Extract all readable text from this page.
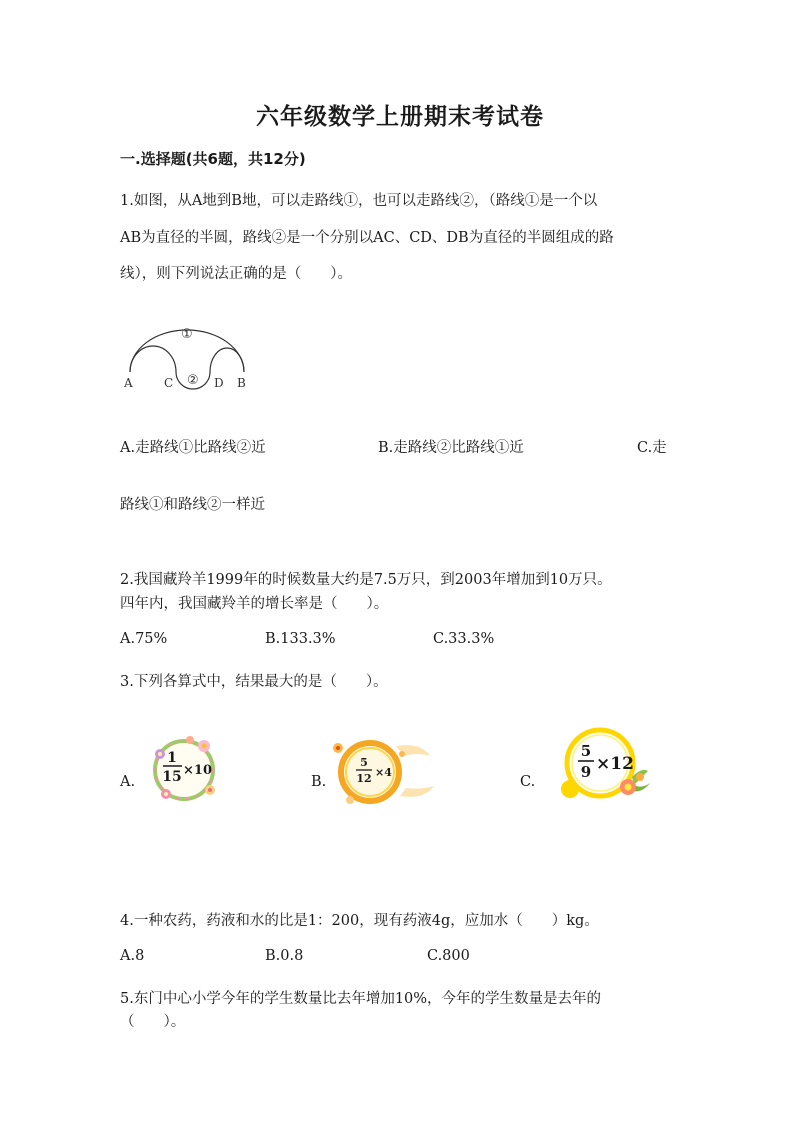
六年级数学上册期末考试卷
一.选择题(共6题，共12分)
1.如图，从A地到B地，可以走路线①，也可以走路线②，（路线①是一个以
AB为直径的半圆，路线②是一个分别以AC、CD、DB为直径的半圆组成的路
线），则下列说法正确的是（　　）。
①
②
A	C	D B
A.走路线①比路线②近	B.走路线②比路线①近	C.走
路线①和路线②一样近
2.我国藏羚羊1999年的时候数量大约是7.5万只，到2003年增加到10万只。
四年内，我国藏羚羊的增长率是（　　）。
A.75%	B.133.3%	C.33.3%
3.下列各算式中，结果最大的是（　　）。
A.
1
15 ×10
B.
5
12 ×4
C.
5
9 ×12
4.一种农药，药液和水的比是1：200，现有药液4g，应加水（　　）kg。
A.8	B.0.8	C.800
5.东门中心小学今年的学生数量比去年增加10%，今年的学生数量是去年的
（　　）。
